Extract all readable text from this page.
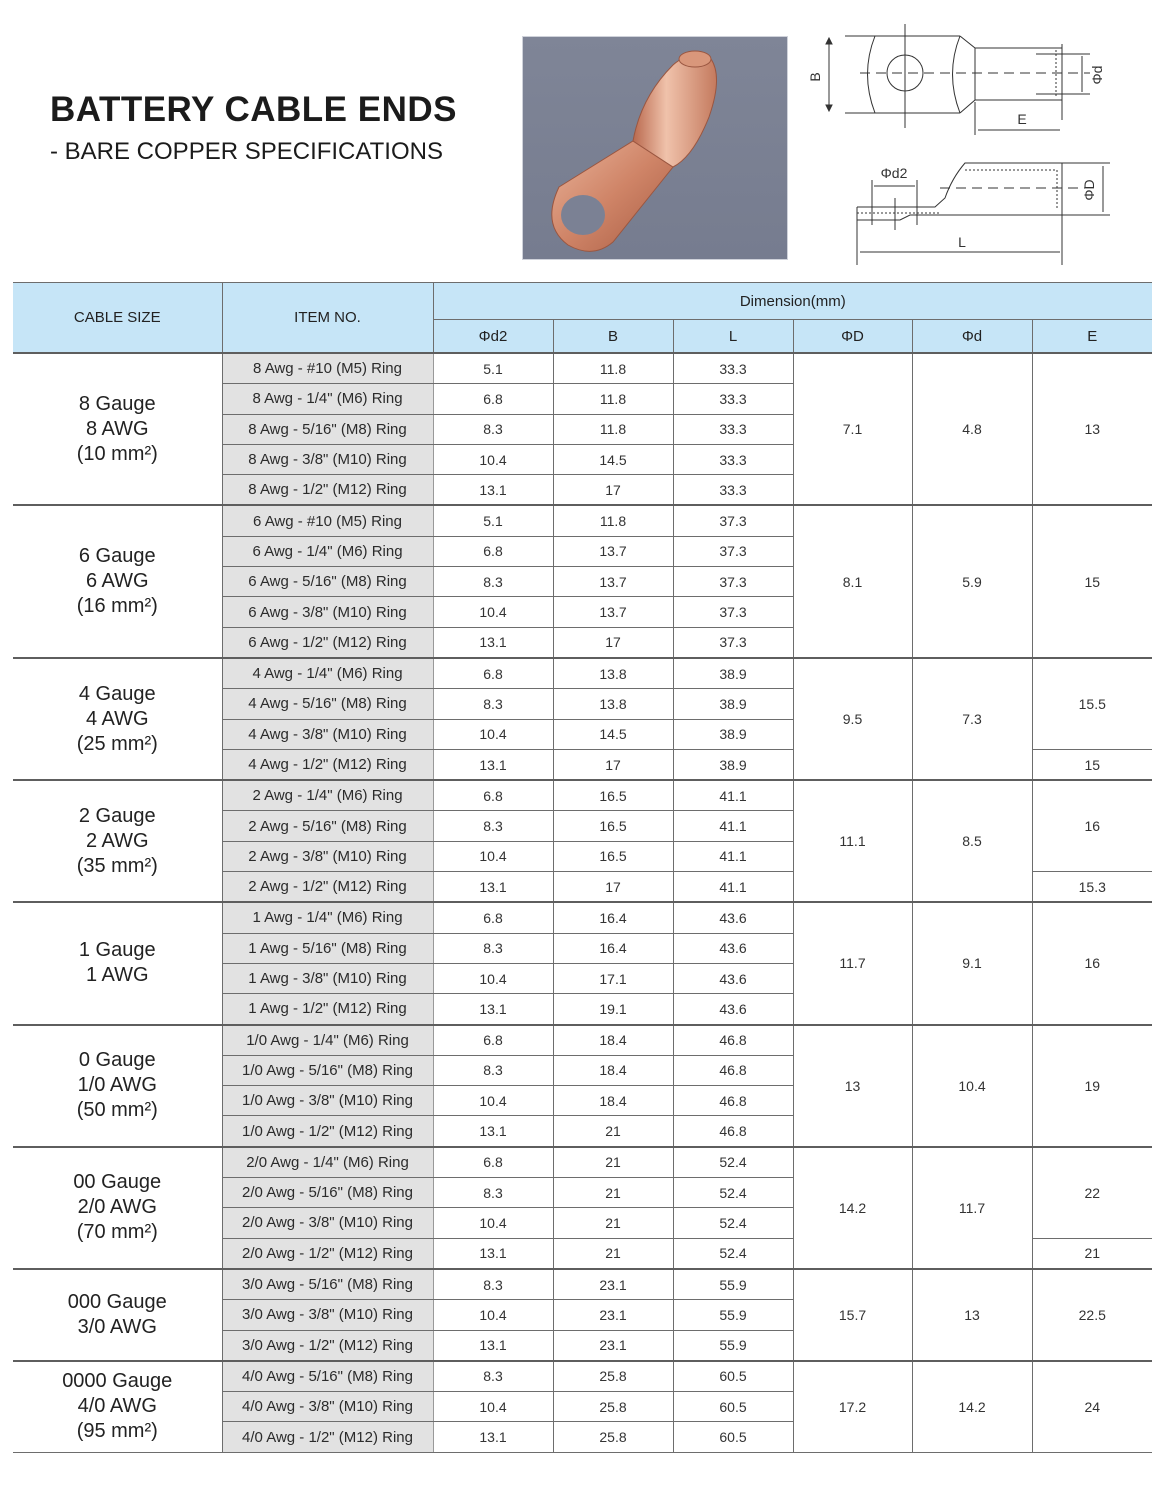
BATTERY CABLE ENDS
- BARE COPPER SPECIFICATIONS
B	Φd
E
Φd2
ΦD
L
CABLE SIZE	ITEM NO.	Dimension(mm)					
		Φd2	B	L	ΦD	Φd	E

8 Gauge
8 AWG
(10 mm²)	8 Awg - #10 (M5) Ring	5.1	11.8	33.3	7.1	4.8	13
	8 Awg - 1/4" (M6) Ring	6.8	11.8	33.3			
	8 Awg - 5/16" (M8) Ring	8.3	11.8	33.3			
	8 Awg - 3/8" (M10) Ring	10.4	14.5	33.3			
	8 Awg - 1/2" (M12) Ring	13.1	17	33.3			

6 Gauge
6 AWG
(16 mm²)	6 Awg - #10 (M5) Ring	5.1	11.8	37.3	8.1	5.9	15
	6 Awg - 1/4" (M6) Ring	6.8	13.7	37.3			
	6 Awg - 5/16" (M8) Ring	8.3	13.7	37.3			
	6 Awg - 3/8" (M10) Ring	10.4	13.7	37.3			
	6 Awg - 1/2" (M12) Ring	13.1	17	37.3			

4 Gauge
4 AWG
(25 mm²)	4 Awg - 1/4" (M6) Ring	6.8	13.8	38.9	9.5	7.3	15.5
	4 Awg - 5/16" (M8) Ring	8.3	13.8	38.9			
	4 Awg - 3/8" (M10) Ring	10.4	14.5	38.9			
	4 Awg - 1/2" (M12) Ring	13.1	17	38.9			15

2 Gauge
2 AWG
(35 mm²)	2 Awg - 1/4" (M6) Ring	6.8	16.5	41.1	11.1	8.5	16
	2 Awg - 5/16" (M8) Ring	8.3	16.5	41.1			
	2 Awg - 3/8" (M10) Ring	10.4	16.5	41.1			
	2 Awg - 1/2" (M12) Ring	13.1	17	41.1			15.3

1 Gauge
1 AWG	1 Awg - 1/4" (M6) Ring	6.8	16.4	43.6	11.7	9.1	16
	1 Awg - 5/16" (M8) Ring	8.3	16.4	43.6			
	1 Awg - 3/8" (M10) Ring	10.4	17.1	43.6			
	1 Awg - 1/2" (M12) Ring	13.1	19.1	43.6			

0 Gauge
1/0 AWG
(50 mm²)	1/0 Awg - 1/4" (M6) Ring	6.8	18.4	46.8	13	10.4	19
	1/0 Awg - 5/16" (M8) Ring	8.3	18.4	46.8			
	1/0 Awg - 3/8" (M10) Ring	10.4	18.4	46.8			
	1/0 Awg - 1/2" (M12) Ring	13.1	21	46.8			

00 Gauge
2/0 AWG
(70 mm²)	2/0 Awg - 1/4" (M6) Ring	6.8	21	52.4	14.2	11.7	22
	2/0 Awg - 5/16" (M8) Ring	8.3	21	52.4			
	2/0 Awg - 3/8" (M10) Ring	10.4	21	52.4			
	2/0 Awg - 1/2" (M12) Ring	13.1	21	52.4			21

000 Gauge
3/0 AWG	3/0 Awg - 5/16" (M8) Ring	8.3	23.1	55.9	15.7	13	22.5
	3/0 Awg - 3/8" (M10) Ring	10.4	23.1	55.9			
	3/0 Awg - 1/2" (M12) Ring	13.1	23.1	55.9			

0000 Gauge
4/0 AWG
(95 mm²)	4/0 Awg - 5/16" (M8) Ring	8.3	25.8	60.5	17.2	14.2	24
	4/0 Awg - 3/8" (M10) Ring	10.4	25.8	60.5			
	4/0 Awg - 1/2" (M12) Ring	13.1	25.8	60.5			
